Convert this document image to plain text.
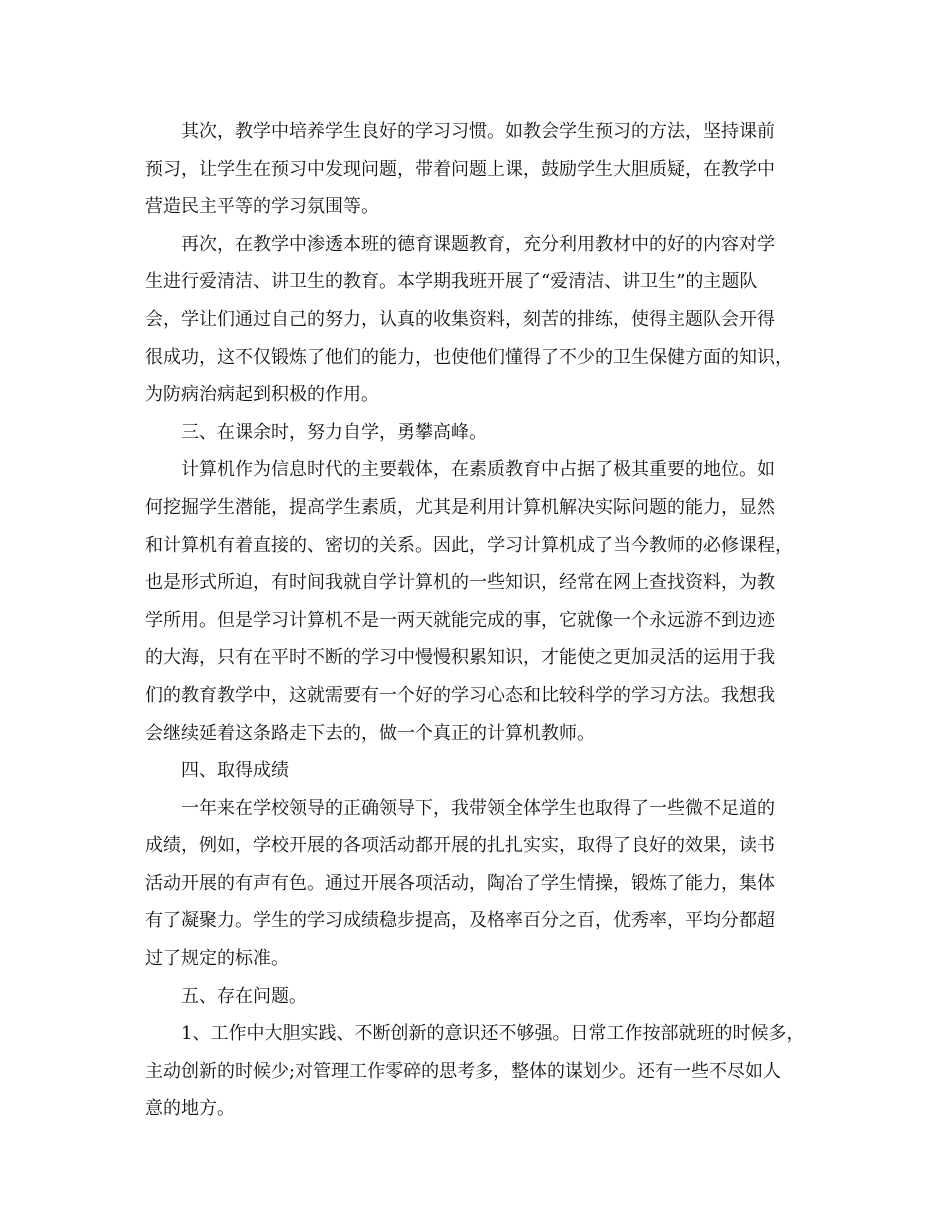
其次，教学中培养学生良好的学习习惯。如教会学生预习的方法，坚持课前
预习，让学生在预习中发现问题，带着问题上课，鼓励学生大胆质疑，在教学中
营造民主平等的学习氛围等。
再次，在教学中渗透本班的德育课题教育，充分利用教材中的好的内容对学
生进行爱清洁、讲卫生的教育。本学期我班开展了“爱清洁、讲卫生”的主题队
会，学让们通过自己的努力，认真的收集资料，刻苦的排练，使得主题队会开得
很成功，这不仅锻炼了他们的能力，也使他们懂得了不少的卫生保健方面的知识，
为防病治病起到积极的作用。
三、在课余时，努力自学，勇攀高峰。
计算机作为信息时代的主要载体，在素质教育中占据了极其重要的地位。如
何挖掘学生潜能，提高学生素质，尤其是利用计算机解决实际问题的能力，显然
和计算机有着直接的、密切的关系。因此，学习计算机成了当今教师的必修课程，
也是形式所迫，有时间我就自学计算机的一些知识，经常在网上查找资料，为教
学所用。但是学习计算机不是一两天就能完成的事，它就像一个永远游不到边迹
的大海，只有在平时不断的学习中慢慢积累知识，才能使之更加灵活的运用于我
们的教育教学中，这就需要有一个好的学习心态和比较科学的学习方法。我想我
会继续延着这条路走下去的，做一个真正的计算机教师。
四、取得成绩
一年来在学校领导的正确领导下，我带领全体学生也取得了一些微不足道的
成绩，例如，学校开展的各项活动都开展的扎扎实实，取得了良好的效果，读书
活动开展的有声有色。通过开展各项活动，陶冶了学生情操，锻炼了能力，集体
有了凝聚力。学生的学习成绩稳步提高，及格率百分之百，优秀率，平均分都超
过了规定的标准。
五、存在问题。
1、工作中大胆实践、不断创新的意识还不够强。日常工作按部就班的时候多，
主动创新的时候少;对管理工作零碎的思考多，整体的谋划少。还有一些不尽如人
意的地方。
